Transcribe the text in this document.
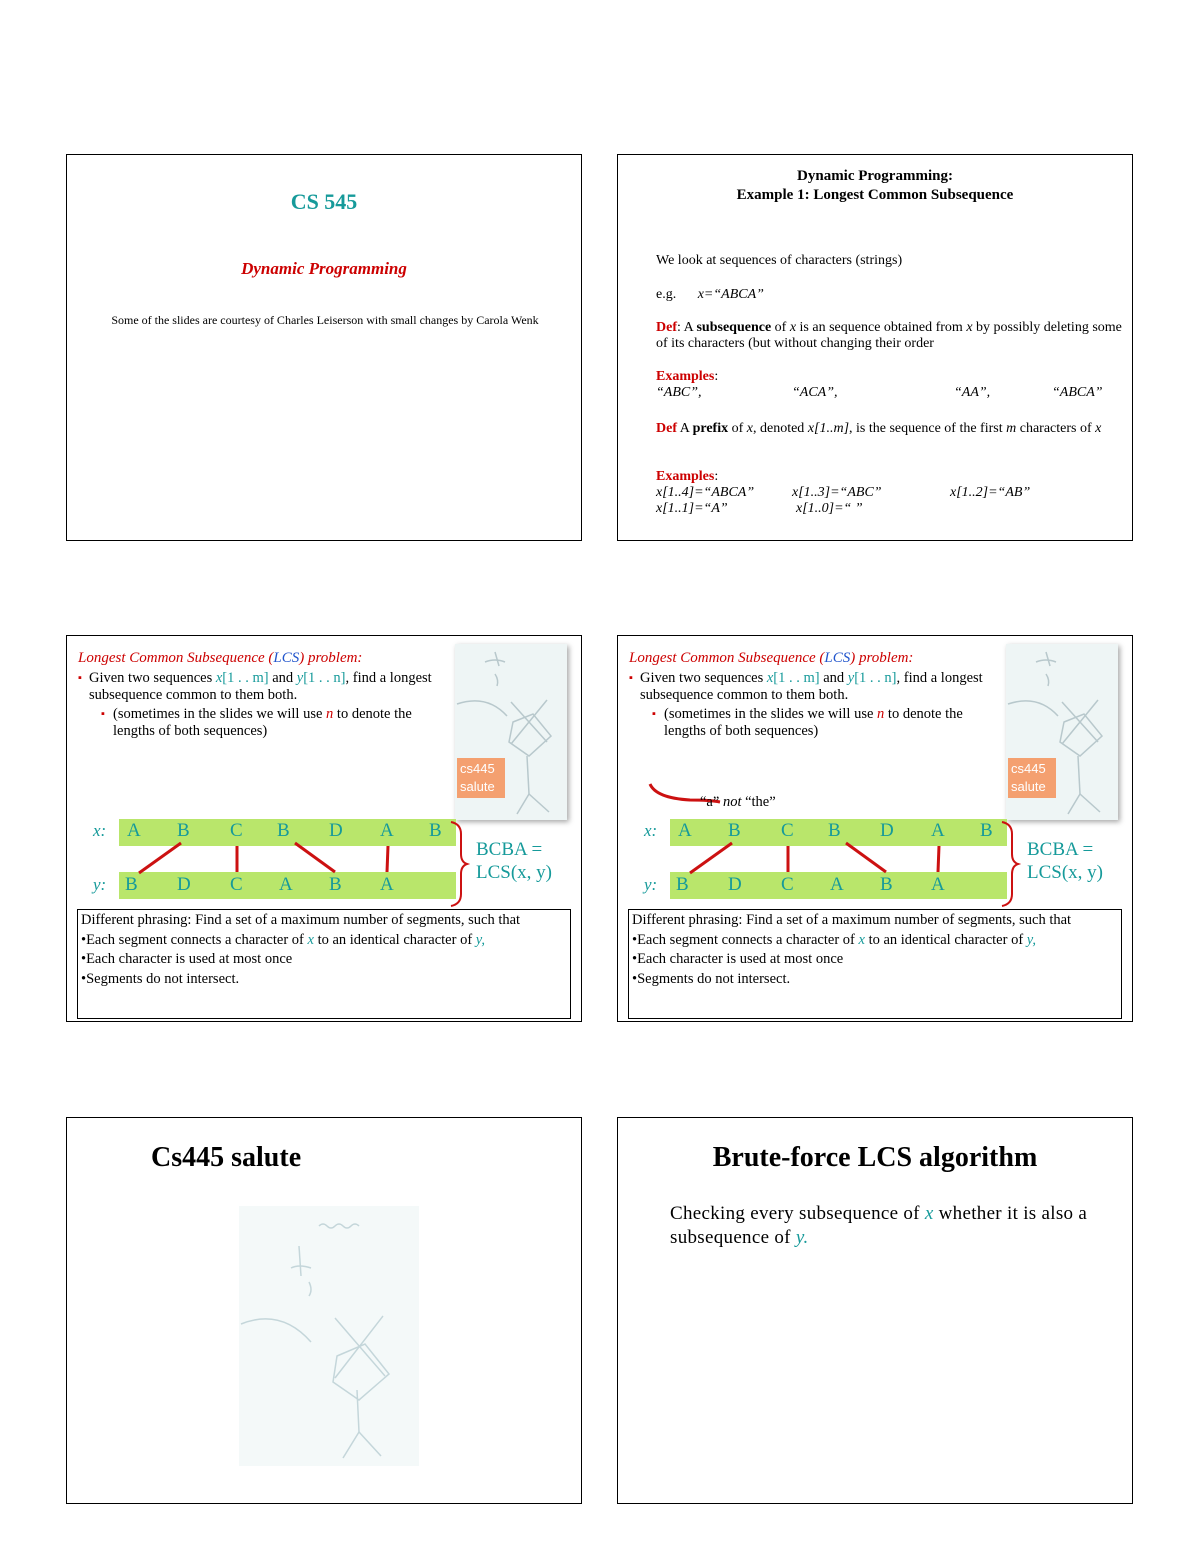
CS 545
Dynamic Programming
Some of the slides are courtesy of Charles Leiserson with small changes by Carola Wenk
Dynamic Programming:
Example 1: Longest Common Subsequence
We look at sequences of characters (strings)
e.g. x=“ABCA”
Def: A subsequence of x is an sequence obtained from x by possibly deleting some of its characters (but without changing their order
Examples:
“ABC”,	“ACA”,	“AA”,	“ABCA”
Def A prefix of x, denoted x[1..m], is the sequence of the first m characters of x
Examples:
x[1..4]=“ABCA”	x[1..3]=“ABC”	x[1..2]=“AB”
x[1..1]=“A”	x[1..0]=“ ”
Longest Common Subsequence (LCS) problem:
▪ Given two sequences x[1 . . m] and y[1 . . n], find a longest subsequence common to them both.
▪ (sometimes in the slides we will use n to denote the lengths of both sequences)
cs445 salute
x:
y:
A B C B D A B
B D C A B A
BCBA =
LCS(x, y)
Different phrasing: Find a set of a maximum number of segments, such that
•Each segment connects a character of x to an identical character of y,
•Each character is used at most once
•Segments do not intersect.
Longest Common Subsequence (LCS) problem:
▪ Given two sequences x[1 . . m] and y[1 . . n], find a longest subsequence common to them both.
▪ (sometimes in the slides we will use n to denote the lengths of both sequences)
cs445 salute
x:
y:
A B C B D A B
B D C A B A
BCBA =
LCS(x, y)
Different phrasing: Find a set of a maximum number of segments, such that
•Each segment connects a character of x to an identical character of y,
•Each character is used at most once
•Segments do not intersect.
“a” not “the”
Cs445 salute	Brute-force LCS algorithm
Checking every subsequence of x whether it is also a subsequence of y.
